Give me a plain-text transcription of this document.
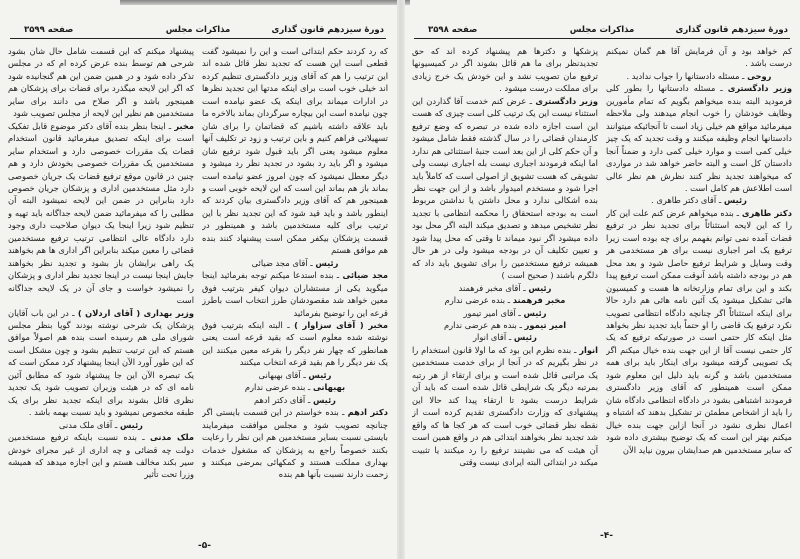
دورهٔ سیزدهم قانون گذاری
مذاکرات مجلس
صفحه ۳۵۹۹

که رد کردند حکم ابتدائی است و این را نمیشود گفت قطعی است این هست که تجدید نظر قائل شده اند این ترتیب را هم که آقای وزیر دادگستری تنظیم کرده اند خیلی خوب است برای اینکه مدتها این تجدید نظرها در ادارات میماند برای اینکه یک عضو نیامده است چون نیامده است این بیچاره سرگردان بماند بالاخره ما باید علاقه داشته باشیم که قضاتمان را برای شان تسهیلاتی فراهم کنیم و باین ترتیب و زود تر تکلیف آنها معلوم میشود یعنی اگر باید قبول شود ترفیع شان میشود و اگر باید رد بشود در تجدید نظر رد میشود و دیگر معطل نمیشود که چون امروز عضو نیامده است بماند باز هم بماند این است که این لایحه خوبی است و همینجور هم که آقای وزیر دادگستری بیان کردند که اینطور باشد و باید قید شود که این تجدید نظر با این ترتیب برای کلیه مستخدمین باشد و همینطور در قسمت پزشکان بیکفر ممکن است پیشنهاد کنند بنده هم موافق هستم

رئیس ـ آقای مجد ضیائی

مجد ضیائی ـ بنده استدعا میکنم توجه بفرمائید اینجا میگوید یکی از مستشاران دیوان کیفر بترتیب فوق معین خواهد شد مقصودشان طرز انتخاب است باطرز قرعه این را توضیح بفرمائید

مخبر ( آقای سزاوار ) ـ البته اینکه بترتیب فوق نوشته شده معلوم است که بقید قرعه است یعنی همانطور که چهار نفر دیگر را بقرعه معین میکنند این یک نفر دیگر را هم بقید قرعه انتخاب میکنند

رئیس ـ آقای بهبهانی

بهبهانی ـ بنده عرضی ندارم

رئیس ـ آقای دکتر ادهم

دکتر ادهم ـ بنده خواستم در این قسمت بایستی اگر چنانچه تصویب شود و مجلس موافقت میفرمایند بایستی نسبت بسایر مستخدمین هم این نظر را رعایت بکنند خصوصاً راجع به پزشکان که مشغول خدمات بهداری مملکت هستند و کمکهائی بمرضی میکنند و زحمت دارند نسبت بآنها هم بنده

پیشنهاد میکنم که این قسمت شامل حال شان بشود شرحی هم توسط بنده عرض کرده ام که در مجلس تذکر داده شود و در همین ضمن این هم گنجانیده شود که اگر این لایحه میگذرد برای قضات برای پزشکان هم همینجور باشد و اگر صلاح می دانند برای سایر مستخدمین هم نظیر این لایحه از مجلس تصویب شود

مخبر ـ اینجا بنظر بنده آقای دکتر موضوع قابل تفکیک است برای اینکه تصدیق میفرمائید قانون استخدام قضات یک مقررات خصوصی دارد و استخدام سایر مستخدمین یک مقررات خصوصی بخودش دارد و هم چنین در قانون موقع ترفیع قضات یک جریان خصوصی دارد مثل مستخدمین اداری و پزشکان جریان خصوص دارد بنابراین در ضمن این لایحه نمیشود البته آن مطلبی را که میفرمائید ضمن لایحه جداگانه باید تهیه و تنظیم شود زیرا اینجا یک دیوان صلاحیت داری وجود دارد دادگاه عالی انتظامی ترتیب ترفیع مستخدمین قضائی را معین میکند بنابراین اگر اداری ها هم بخواهند یک راهی برایشان باز بشود و تجدید نظر بخواهند جایش اینجا نیست در اینجا تجدید نظر اداری و پزشکان را نمیشود خواست و جای آن در یک لایحه جداگانه است

وزیر بهداری ( آقای اردلان ) ـ در این باب آقایان پزشکان یک شرحی نوشته بودند گویا بنظر مجلس شورای ملی هم رسیده است بنده هم اصولاً موافق هستم که این ترتیب تنظیم بشود و چون مشکل است که این طور آورد الآن اینجا پیشنهاد کرد ممکن است که یک تبصره الآن این جا پیشنهاد شود که مطابق آئین نامه ای که در هیئت وزیران تصویب شود یک تجدید نظری قائل بشوند برای اینکه تجدید نظر برای یک طبقه مخصوص نمیشود و باید نسبت بهمه باشد .

رئیس ـ آقای ملک مدنی

ملک مدنی ـ بنده نسبت باینکه ترفیع مستخدمین دولت چه قضائی و چه اداری از غیر مجرای خودش سیر بکند مخالف هستم و این اجازه میدهد که همیشه وزرا تحت تأثیر

-۵-
دورهٔ سیزدهم قانون گذاری
مذاکرات مجلس
صفحه ۳۵۹۸

کم خواهد بود و آن فرمایش آقا هم گمان نمیکنم درست باشد .

روحی ـ مسئله دادستانها را جواب ندادید .

وزیر دادگستری ـ مسئله دادستانها را بطور کلی فرمودید البته بنده میخواهم بگویم که تمام مأمورین وظایف خودشان را خوب انجام میدهند ولی ملاحظه میفرمائید مواقع هم خیلی زیاد است تا آنجائیکه میتوانند دادستانها انجام وظیفه میکنند و وقت تجدید که یک چیز خیلی کمی است و موارد خیلی کمی دارد و ضمناً آنجا دادستان کل است و البته حاضر خواهد شد در مواردی که میخواهند تجدید نظر کنند نظرش هم نظر عالی است اطلاعش هم کامل است .

رئیس ـ آقای دکتر طاهری .

دکتر طاهری ـ بنده میخواهم عرض کنم علت این کار را که این لایحه استثنائاً برای تجدید نظر در ترفیع قضات آمده نمی توانم بفهمم برای چه بوده است زیرا ترفیع یک امر اجباری نیست برای هر مستخدمی هر وقت وسایل و شرایط ترفیع حاصل شود و بعد محل هم در بودجه داشته باشد آنوقت ممکن است ترفیع پیدا بکند و این برای تمام وزارتخانه ها هست و کمیسیون هائی تشکیل میشود یک آئین نامه هائی هم دارد حالا برای اینکه استثنائاً اگر چنانچه دادگاه انتظامی تصویب نکرد ترفیع یک قاضی را او حتماً باید تجدید نظر بخواهد مثل اینکه کار حتمی است در صورتیکه ترفیع که یک کار حتمی نیست آقا از این جهت بنده خیال میکنم اگر یک تصویبی گرفته میشود برای اینکار باید برای همه مستخدمین باشد و گرنه باید دلیل این معلوم شود ممکن است همینطور که آقای وزیر دادگستری فرمودند اشتباهی بشود در دادگاه انتظامی دادگاه شان را باید از اشخاص مطمئن تر تشکیل بدهند که اشتباه و اعمال نظری نشود در آنجا ازاین جهت بنده خیال میکنم بهتر این است که یک توضیح بیشتری داده شود که سایر مستخدمین هم صدایشان بیرون نیاید الآن

پزشکها و دکترها هم پیشنهاد کرده اند که حق تجدیدنظر برای ما هم قائل بشوند اگر در کمیسیونها ترفیع مان تصویب نشد و این خودش یک خرج زیادی برای مملکت درست میشود .

وزیر دادگستری ـ عرض کنم خدمت آقا گذاردن این استثناء نیست این یک ترتیب کلی است چیزی که هست این است اجازه داده شده در تبصره که وضع ترفیع کارمندان قضائی را در سال گذشته فقط شامل میشود و آن حکم کلی از این بعد است جنبهٔ استثنائی هم ندارد اما اینکه فرمودند اجباری نیست بله اجباری نیست ولی تشویقی که هست تشویق از اصولی است که کاملاً باید اجرا شود و مستخدم امیدوار باشد و از این جهت نظر بنده اشکالی ندارد و محل داشتن یا نداشتن مربوط است به بودجه استحقاق را محکمه انتظامی با تجدید نظر تشخیص میدهد و تصدیق میکند البته اگر محل بود داده میشود اگر نبود میماند تا وقتی که محل پیدا شود و تعیین تکلیف آن در بودجه میشود ولی در هر حال همیشه ترفیع مستخدمین را برای تشویق باید داد که دلگرم باشند ( صحیح است )

رئیس ـ آقای مخبر فرهمند

مخبر فرهمند ـ بنده عرضی ندارم

رئیس ـ آقای امیر تیمور

امیر تیمور ـ بنده هم عرضی ندارم

رئیس ـ آقای انوار

انوار ـ بنده نظرم این بود که ما اولا قانون استخدام را در نظر بگیریم که در آنجا از برای خدمت مستخدمین یک مراتبی قائل شده است و برای ارتقاء از هر رتبه بمرتبه دیگر یک شرایطی قائل شده است که باید آن شرایط درست بشود تا ارتقاء پیدا کند حالا این پیشنهادی که وزارت دادگستری تقدیم کرده است از نقطه نظر قضائی خوب است که هر کجا ها که واقع شد تجدید نظر بخواهند ابتدائی هم در واقع همین است آن هیئت که می نشینند ترفیع را رد میکنند یا تثبیت میکند در ابتدائی البته ایرادی نیست وقتی

-۴-
